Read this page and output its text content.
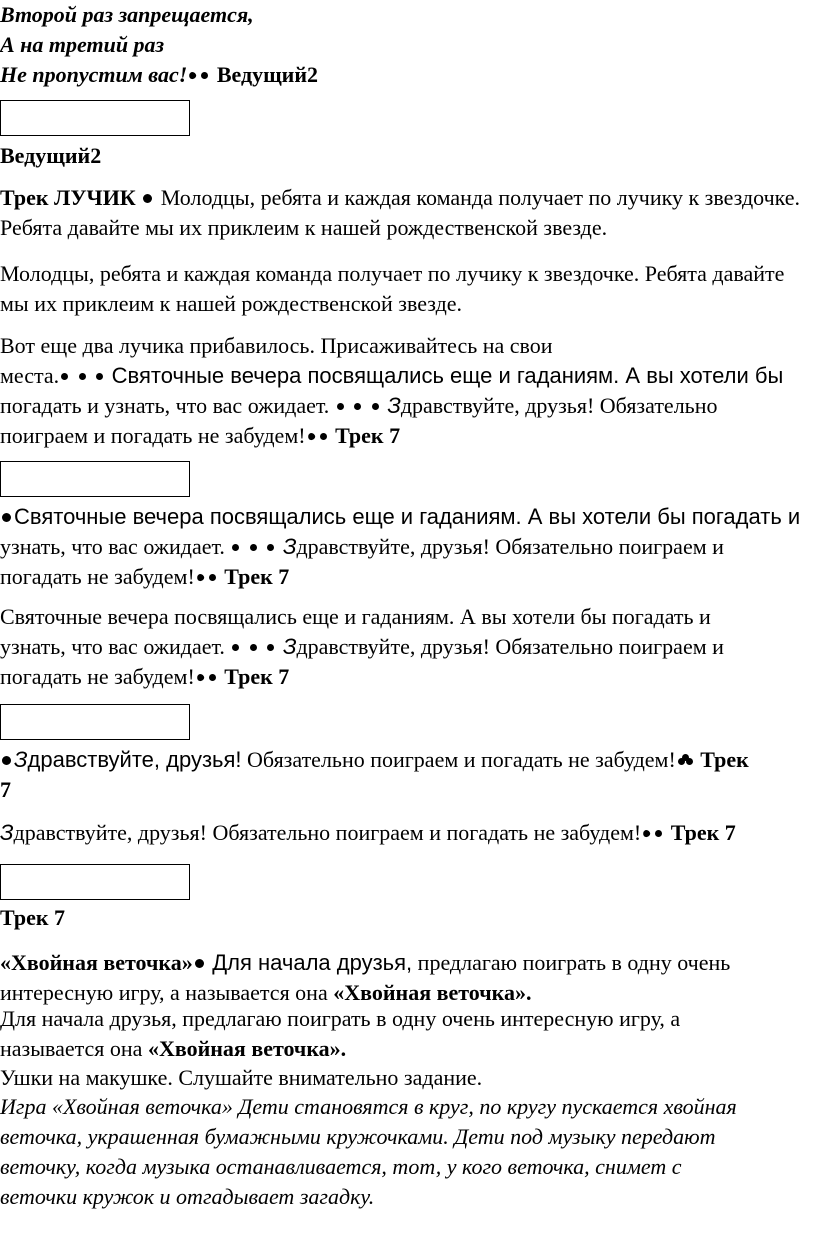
Второй раз запрещается,
А на третий раз
Не пропустим вас! Ведущий2
Ведущий2
Трек ЛУЧИК Молодцы, ребята и каждая команда получает по лучику к звездочке. Ребята давайте мы их приклеим к нашей рождественской звезде.
Молодцы, ребята и каждая команда получает по лучику к звездочке. Ребята давайте мы их приклеим к нашей рождественской звезде.
Вот еще два лучика прибавилось. Присаживайтесь на свои
места. Святочные вечера посвящались еще и гаданиям. А вы хотели бы
погадать и узнать, что вас ожидает.	Здравствуйте, друзья! Обязательно
поиграем и погадать не забудем! Трек 7
Святочные вечера посвящались еще и гаданиям. А вы хотели бы погадать и
узнать, что вас ожидает.	Здравствуйте, друзья! Обязательно поиграем и
погадать не забудем! Трек 7
Святочные вечера посвящались еще и гаданиям. А вы хотели бы погадать и
узнать, что вас ожидает.	Здравствуйте, друзья! Обязательно поиграем и
погадать не забудем! Трек 7
Здравствуйте, друзья! Обязательно поиграем и погадать не забудем! Трек
7
Здравствуйте, друзья! Обязательно поиграем и погадать не забудем! Трек 7
Трек 7
«Хвойная веточка» Для начала друзья, предлагаю поиграть в одну очень
интересную игру, а называется она «Хвойная веточка».
Для начала друзья, предлагаю поиграть в одну очень интересную игру, а
называется она «Хвойная веточка».
Ушки на макушке. Слушайте внимательно задание.
Игра «Хвойная веточка» Дети становятся в круг, по кругу пускается хвойная
веточка, украшенная бумажными кружочками. Дети под музыку передают
веточку, когда музыка останавливается, тот, у кого веточка, снимет с
веточки кружок и отгадывает загадку.
